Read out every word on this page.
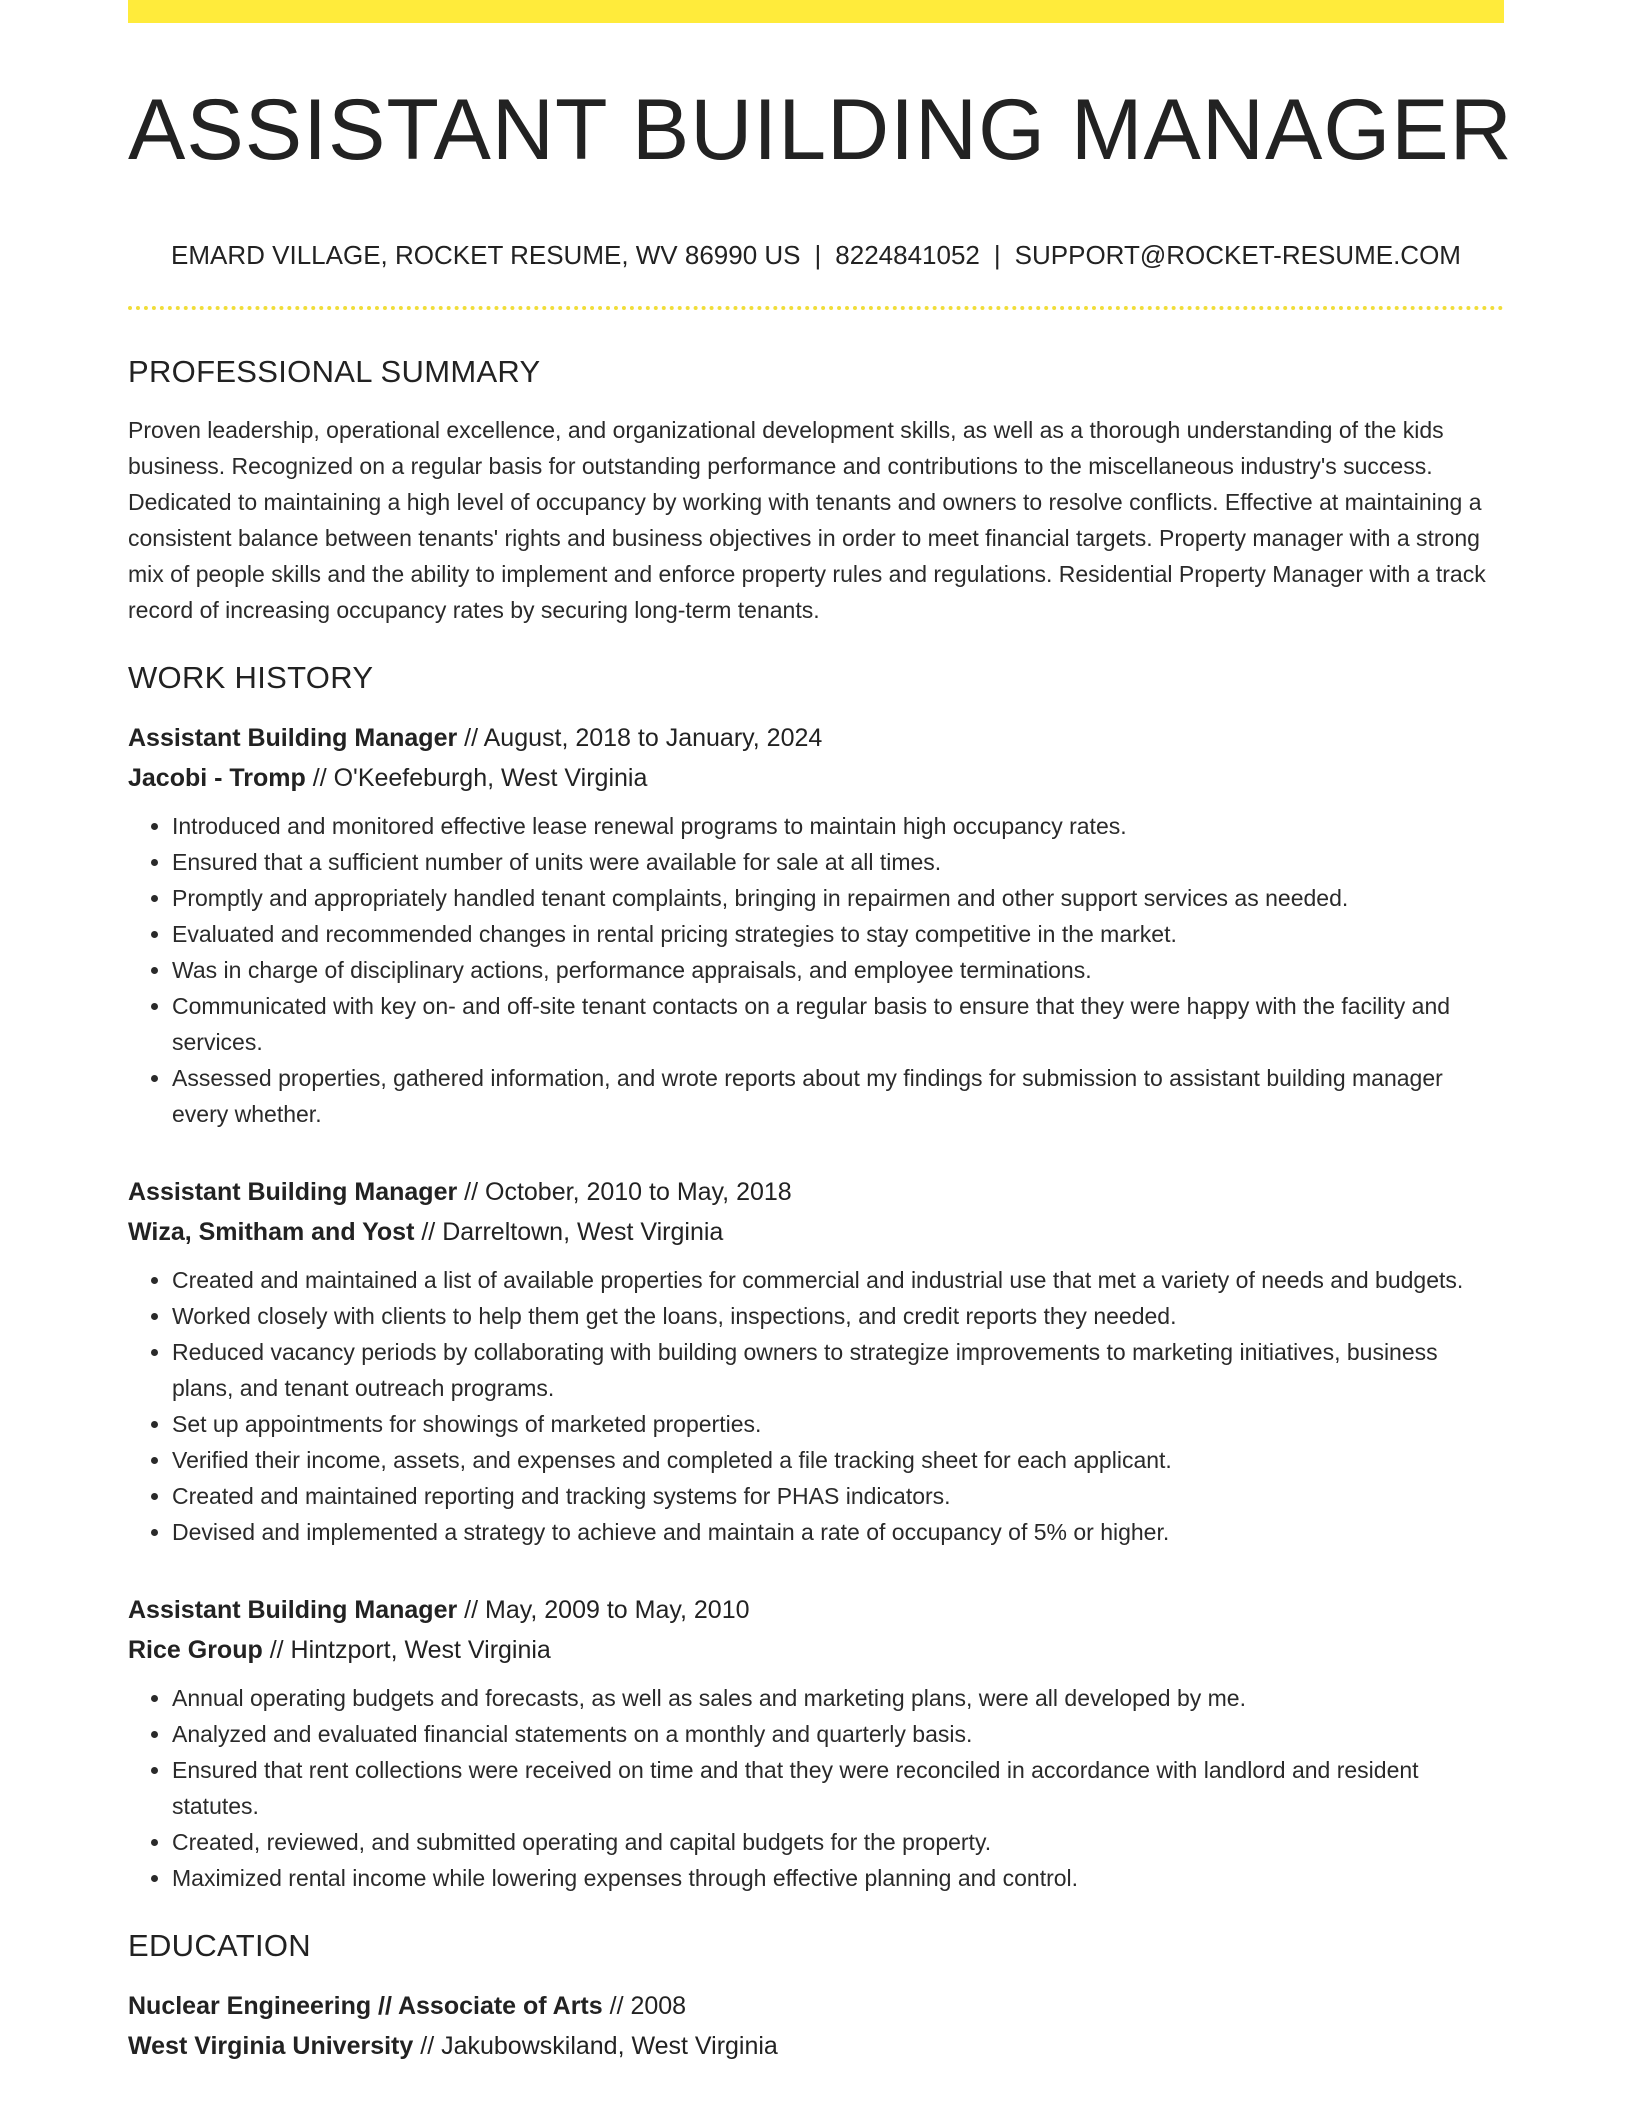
ASSISTANT BUILDING MANAGER
EMARD VILLAGE, ROCKET RESUME, WV 86990 US | 8224841052 | SUPPORT@ROCKET-RESUME.COM
PROFESSIONAL SUMMARY

Proven leadership, operational excellence, and organizational development skills, as well as a thorough understanding of the kids business. Recognized on a regular basis for outstanding performance and contributions to the miscellaneous industry's success. Dedicated to maintaining a high level of occupancy by working with tenants and owners to resolve conflicts. Effective at maintaining a consistent balance between tenants' rights and business objectives in order to meet financial targets. Property manager with a strong mix of people skills and the ability to implement and enforce property rules and regulations. Residential Property Manager with a track record of increasing occupancy rates by securing long-term tenants.

WORK HISTORY

Assistant Building Manager // August, 2018 to January, 2024

Jacobi - Tromp // O'Keefeburgh, West Virginia

• Introduced and monitored effective lease renewal programs to maintain high occupancy rates.
• Ensured that a sufficient number of units were available for sale at all times.
• Promptly and appropriately handled tenant complaints, bringing in repairmen and other support services as needed.
• Evaluated and recommended changes in rental pricing strategies to stay competitive in the market.
• Was in charge of disciplinary actions, performance appraisals, and employee terminations.
• Communicated with key on- and off-site tenant contacts on a regular basis to ensure that they were happy with the facility and services.
• Assessed properties, gathered information, and wrote reports about my findings for submission to assistant building manager every whether.

Assistant Building Manager // October, 2010 to May, 2018

Wiza, Smitham and Yost // Darreltown, West Virginia

• Created and maintained a list of available properties for commercial and industrial use that met a variety of needs and budgets.
• Worked closely with clients to help them get the loans, inspections, and credit reports they needed.
• Reduced vacancy periods by collaborating with building owners to strategize improvements to marketing initiatives, business plans, and tenant outreach programs.
• Set up appointments for showings of marketed properties.
• Verified their income, assets, and expenses and completed a file tracking sheet for each applicant.
• Created and maintained reporting and tracking systems for PHAS indicators.
• Devised and implemented a strategy to achieve and maintain a rate of occupancy of 5% or higher.

Assistant Building Manager // May, 2009 to May, 2010

Rice Group // Hintzport, West Virginia

• Annual operating budgets and forecasts, as well as sales and marketing plans, were all developed by me.
• Analyzed and evaluated financial statements on a monthly and quarterly basis.
• Ensured that rent collections were received on time and that they were reconciled in accordance with landlord and resident statutes.
• Created, reviewed, and submitted operating and capital budgets for the property.
• Maximized rental income while lowering expenses through effective planning and control.
EDUCATION

Nuclear Engineering // Associate of Arts // 2008

West Virginia University // Jakubowskiland, West Virginia
